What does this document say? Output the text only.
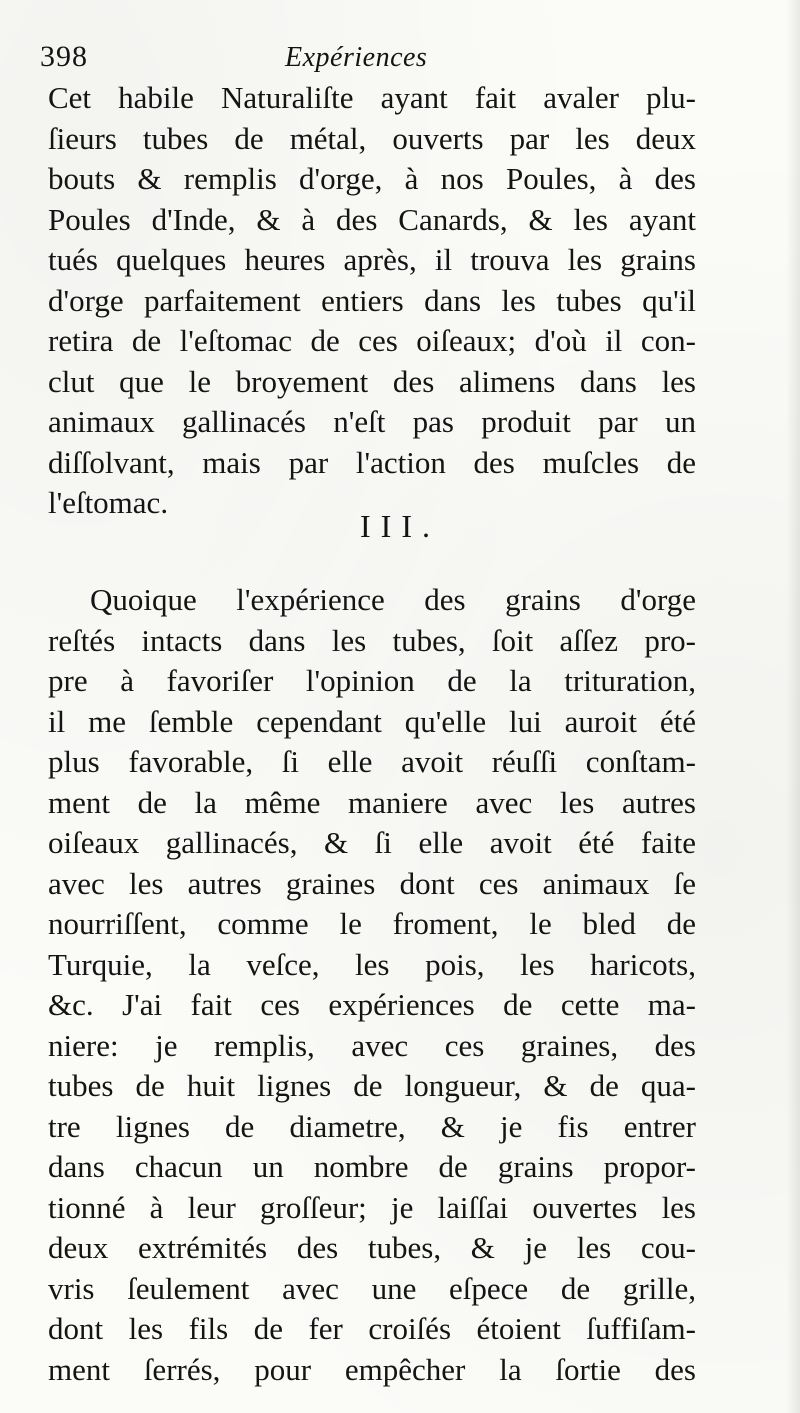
398	Expériences
Cet habile Naturaliſte ayant fait avaler plu-
ſieurs tubes de métal, ouverts par les deux
bouts & remplis d'orge, à nos Poules, à des
Poules d'Inde, & à des Canards, & les ayant
tués quelques heures après, il trouva les grains
d'orge parfaitement entiers dans les tubes qu'il
retira de l'eſtomac de ces oiſeaux; d'où il con-
clut que le broyement des alimens dans les
animaux gallinacés n'eſt pas produit par un
diſſolvant, mais par l'action des muſcles de
l'eſtomac.
III.
Quoique l'expérience des grains d'orge
reſtés intacts dans les tubes, ſoit aſſez pro-
pre à favoriſer l'opinion de la trituration,
il me ſemble cependant qu'elle lui auroit été
plus favorable, ſi elle avoit réuſſi conſtam-
ment de la même maniere avec les autres
oiſeaux gallinacés, & ſi elle avoit été faite
avec les autres graines dont ces animaux ſe
nourriſſent, comme le froment, le bled de
Turquie, la veſce, les pois, les haricots,
&c. J'ai fait ces expériences de cette ma-
niere: je remplis, avec ces graines, des
tubes de huit lignes de longueur, & de qua-
tre lignes de diametre, & je fis entrer
dans chacun un nombre de grains propor-
tionné à leur groſſeur; je laiſſai ouvertes les
deux extrémités des tubes, & je les cou-
vris ſeulement avec une eſpece de grille,
dont les fils de fer croiſés étoient ſuffiſam-
ment ſerrés, pour empêcher la ſortie des
